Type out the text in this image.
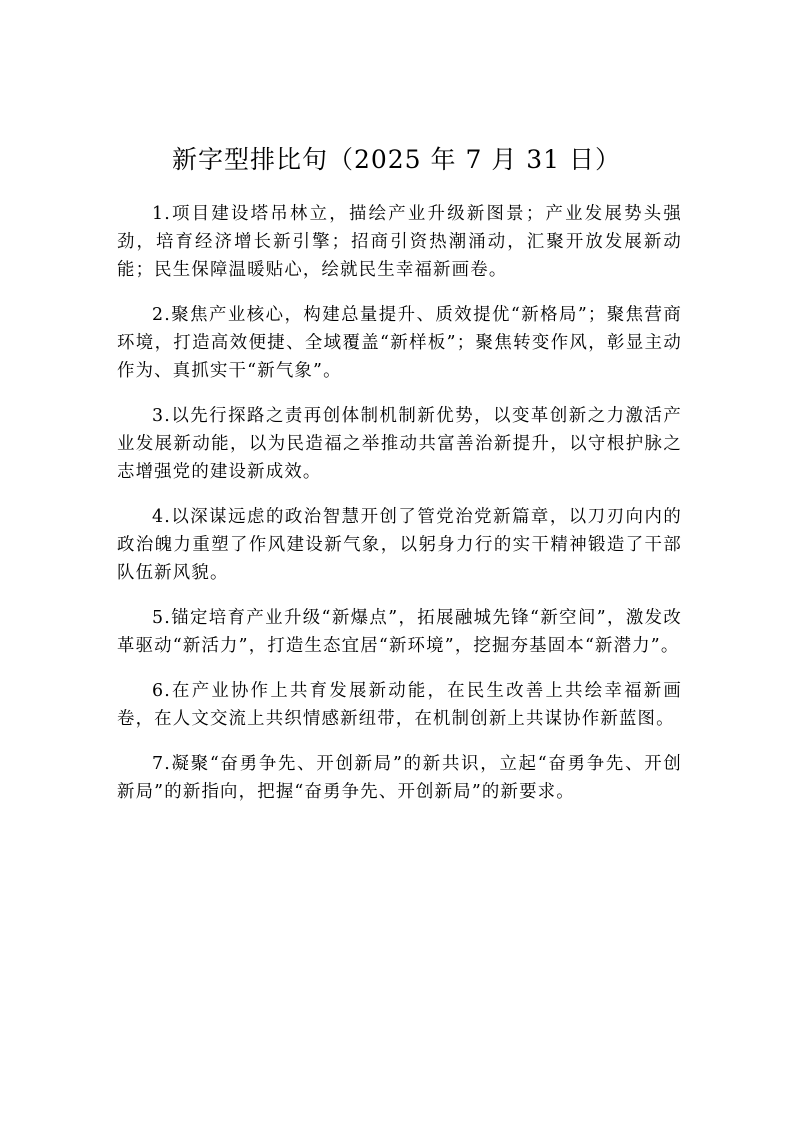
新字型排比句（2025 年 7 月 31 日）

1.项目建设塔吊林立，描绘产业升级新图景；产业发展势头强劲，培育经济增长新引擎；招商引资热潮涌动，汇聚开放发展新动能；民生保障温暖贴心，绘就民生幸福新画卷。

2.聚焦产业核心，构建总量提升、质效提优“新格局”；聚焦营商环境，打造高效便捷、全域覆盖“新样板”；聚焦转变作风，彰显主动作为、真抓实干“新气象”。

3.以先行探路之责再创体制机制新优势，以变革创新之力激活产业发展新动能，以为民造福之举推动共富善治新提升，以守根护脉之志增强党的建设新成效。

4.以深谋远虑的政治智慧开创了管党治党新篇章，以刀刃向内的政治魄力重塑了作风建设新气象，以躬身力行的实干精神锻造了干部队伍新风貌。

5.锚定培育产业升级“新爆点”，拓展融城先锋“新空间”，激发改革驱动“新活力”，打造生态宜居“新环境”，挖掘夯基固本“新潜力”。

6.在产业协作上共育发展新动能，在民生改善上共绘幸福新画卷，在人文交流上共织情感新纽带，在机制创新上共谋协作新蓝图。

7.凝聚“奋勇争先、开创新局”的新共识，立起“奋勇争先、开创新局”的新指向，把握“奋勇争先、开创新局”的新要求。
